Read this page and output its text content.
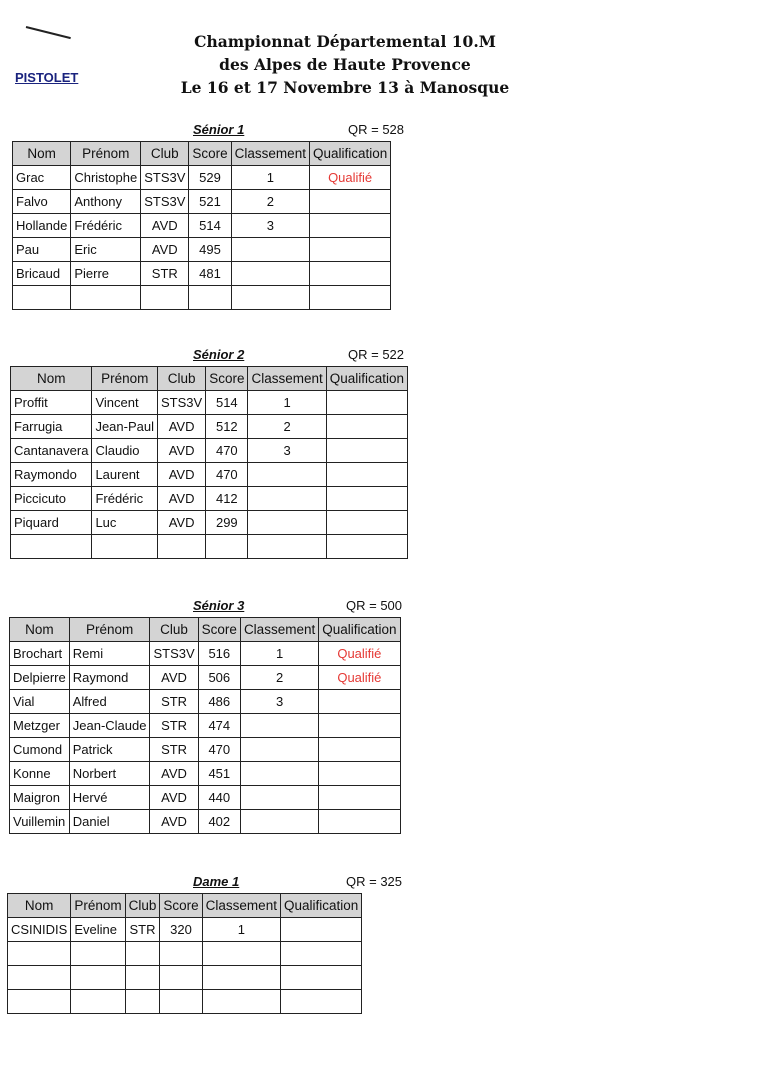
Championnat Départemental 10.M
des Alpes de Haute Provence
Le 16 et 17 Novembre 13 à Manosque
PISTOLET
Sénior 1	QR = 528
Nom	Prénom	Club	Score	Classement	Qualification
Grac	Christophe	STS3V	529	1	Qualifié
Falvo	Anthony	STS3V	521	2	
Hollande	Frédéric	AVD	514	3	
Pau	Eric	AVD	495		
Bricaud	Pierre	STR	481		

Sénior 2	QR = 522
Nom	Prénom	Club	Score	Classement	Qualification
Proffit	Vincent	STS3V	514	1	
Farrugia	Jean-Paul	AVD	512	2	
Cantanavera	Claudio	AVD	470	3	
Raymondo	Laurent	AVD	470		
Piccicuto	Frédéric	AVD	412		
Piquard	Luc	AVD	299		

Sénior 3	QR = 500
Nom	Prénom	Club	Score	Classement	Qualification
Brochart	Remi	STS3V	516	1	Qualifié
Delpierre	Raymond	AVD	506	2	Qualifié
Vial	Alfred	STR	486	3	
Metzger	Jean-Claude	STR	474		
Cumond	Patrick	STR	470		
Konne	Norbert	AVD	451		
Maigron	Hervé	AVD	440		
Vuillemin	Daniel	AVD	402		
Dame 1	QR = 325
Nom	Prénom	Club	Score	Classement	Qualification
CSINIDIS	Eveline	STR	320	1	
